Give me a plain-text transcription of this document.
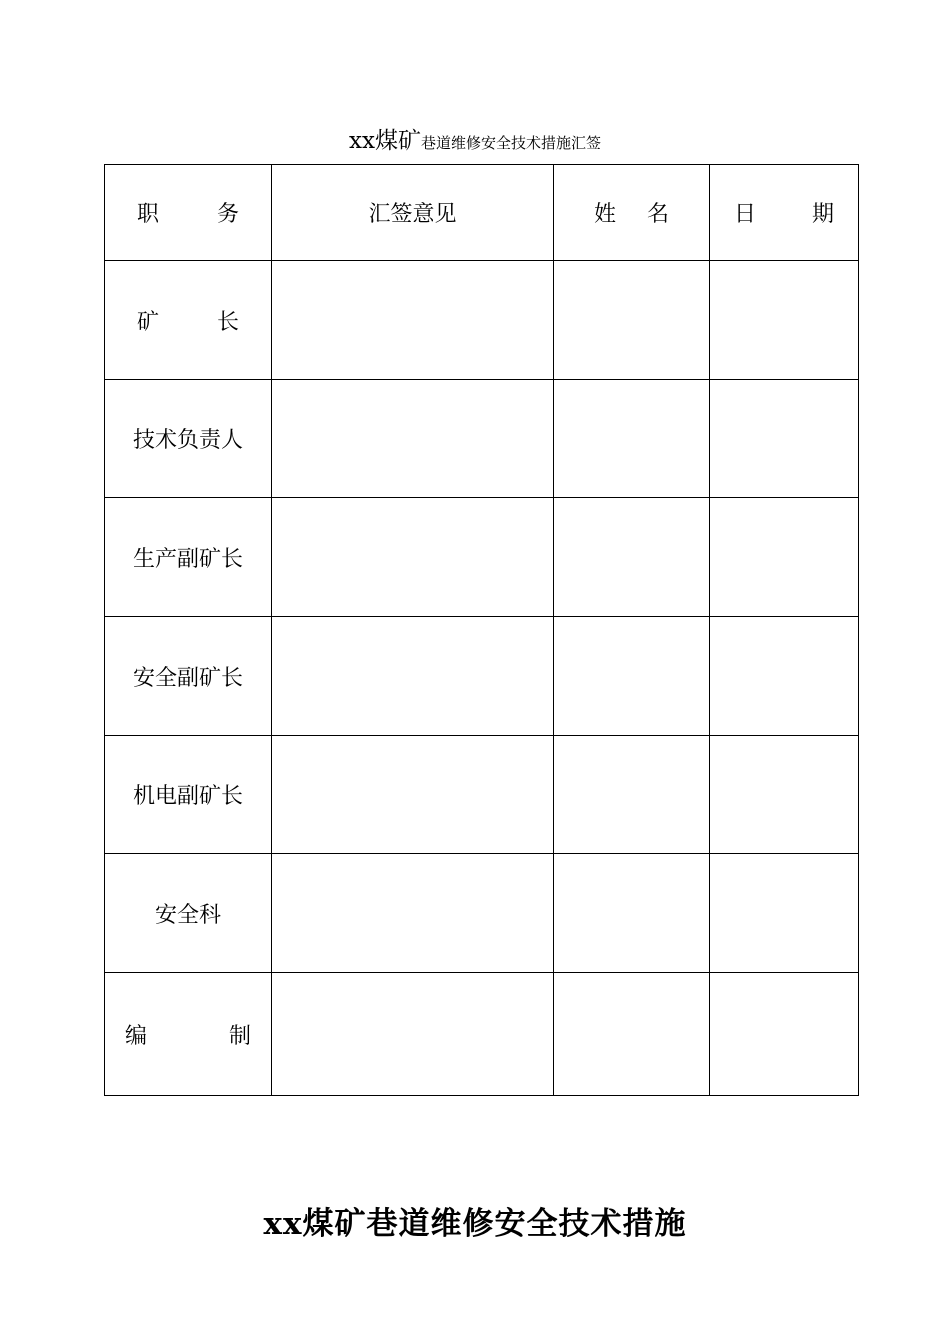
xx煤矿巷道维修安全技术措施汇签
职 务	汇签意见	姓 名	日 期

矿 长			

技术负责人			

生产副矿长			

安全副矿长			

机电副矿长			

安全科			

编 制			

xx煤矿巷道维修安全技术措施
